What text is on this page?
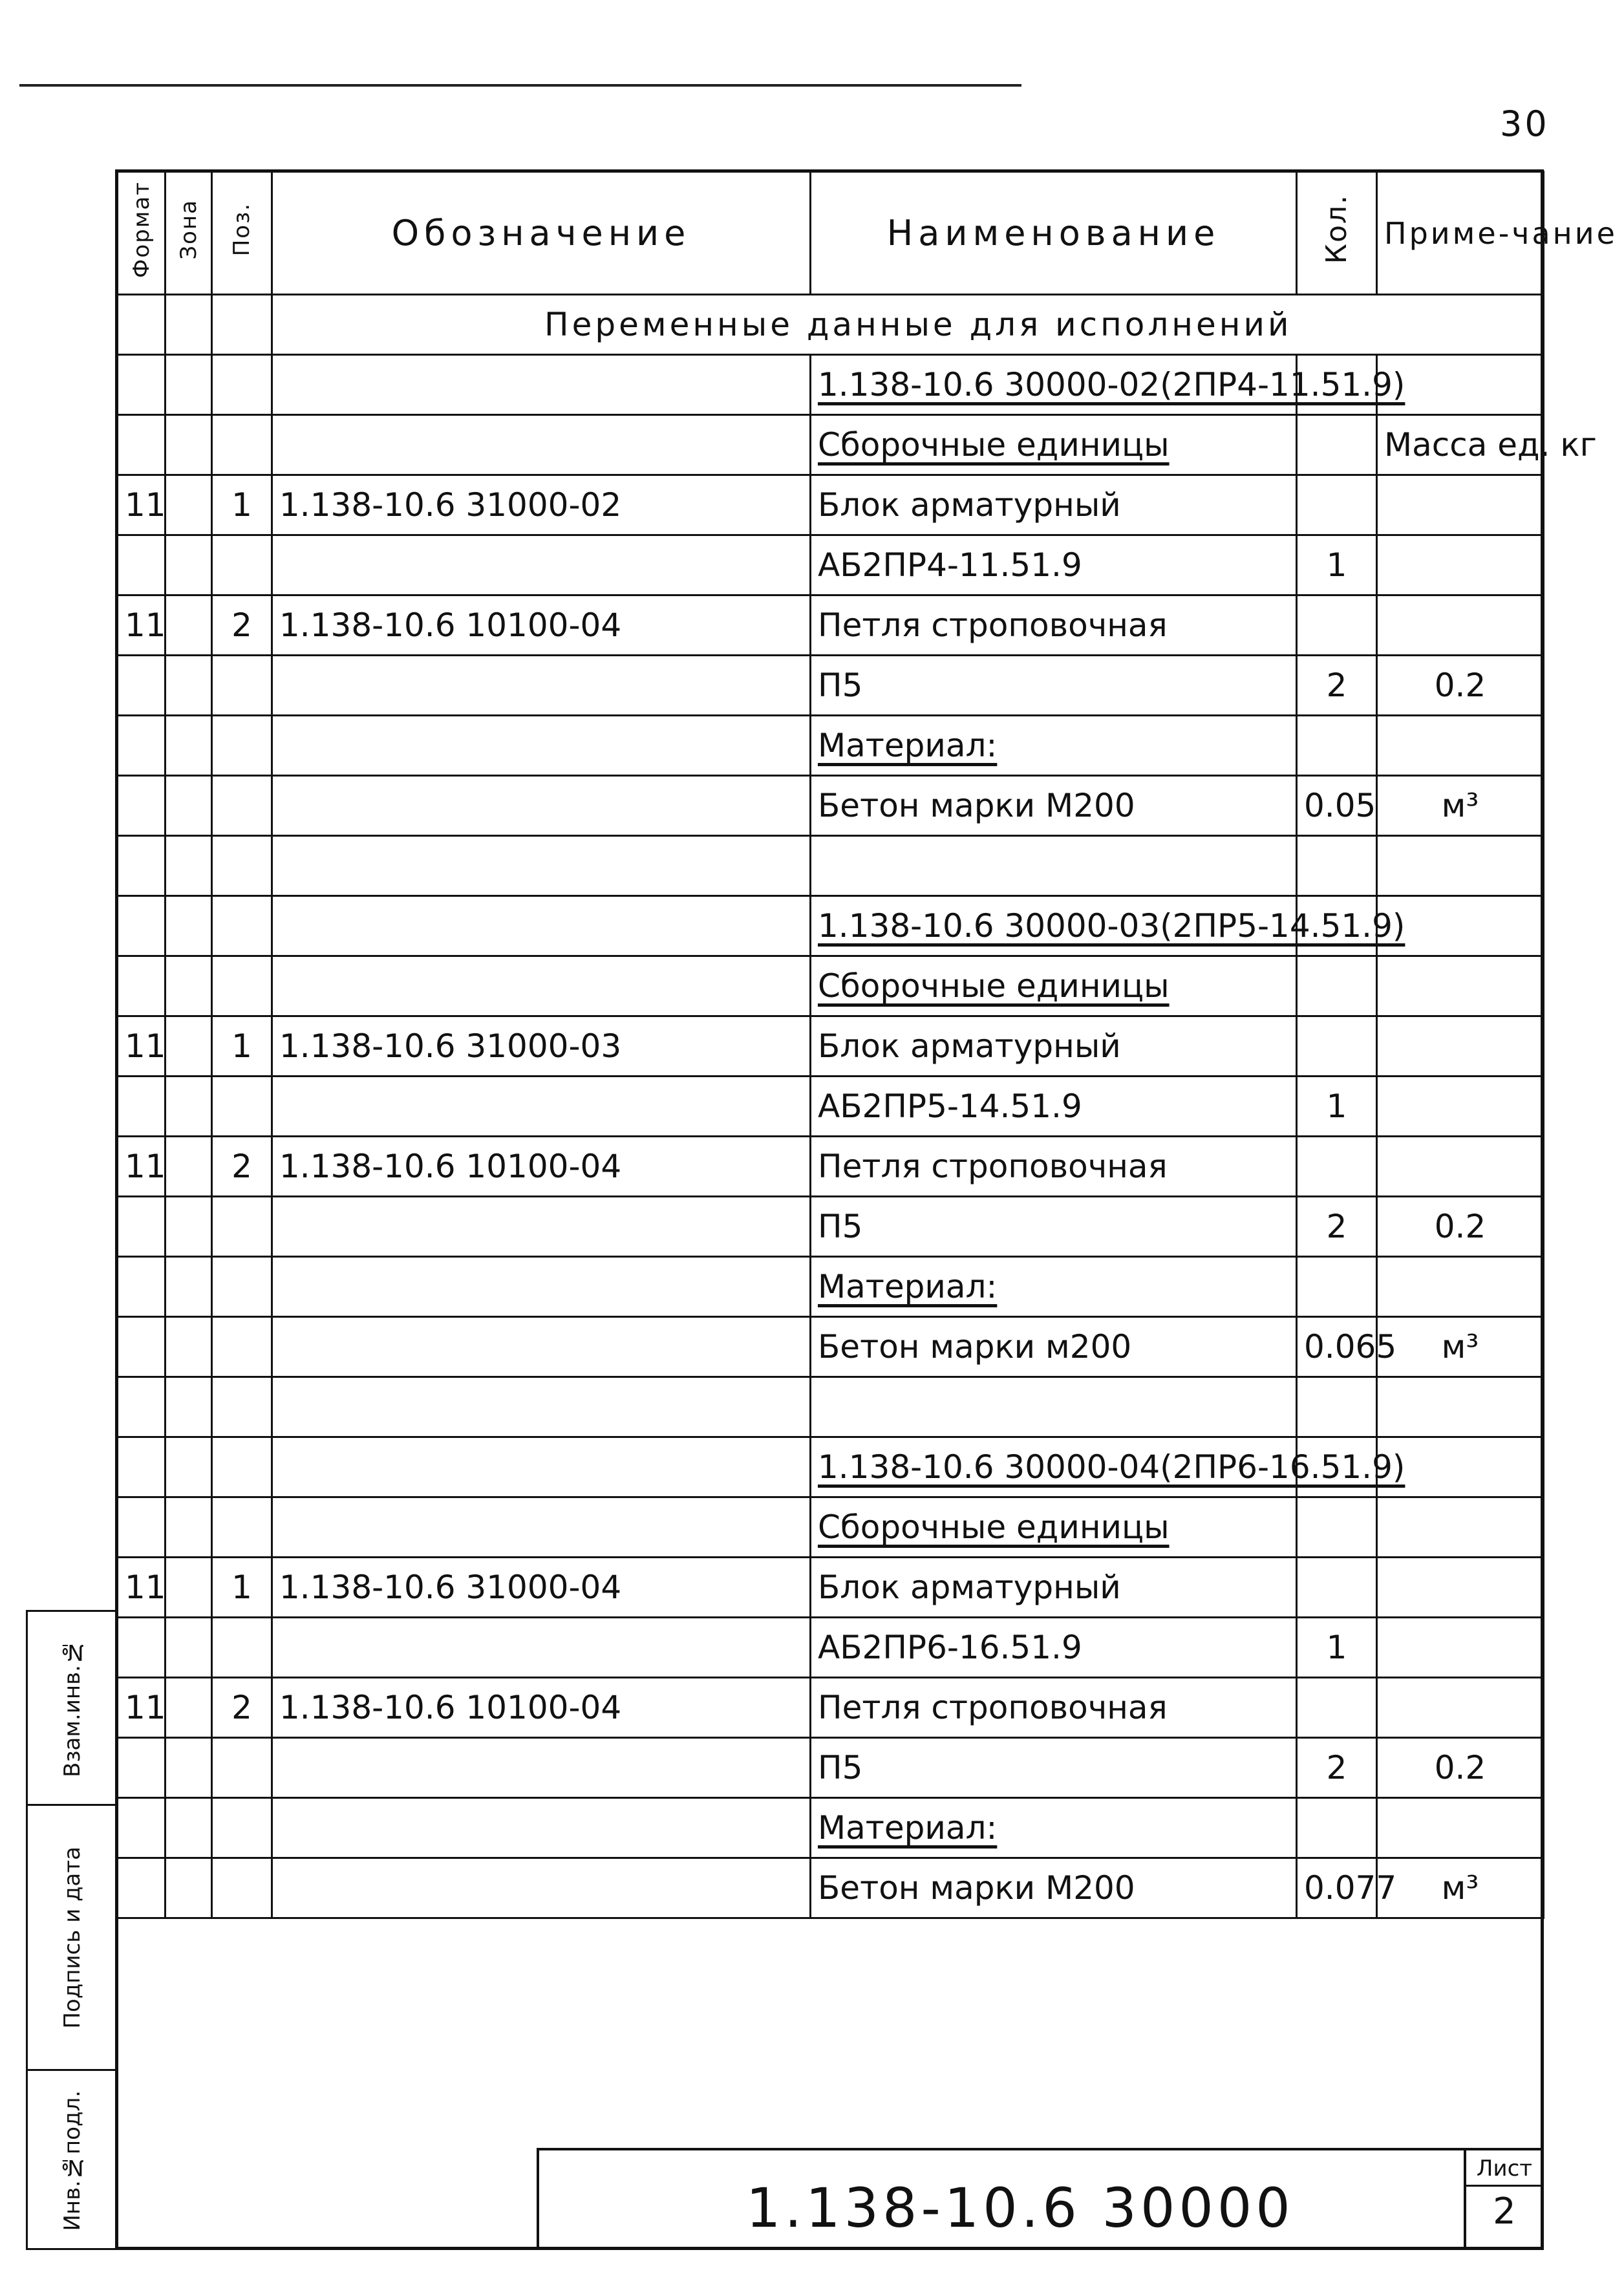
30
Формат	Зона	Поз.	Обозначение	Наименование	Кол.	Приме-чание
			Переменные данные для исполнений			
				1.138-10.6 30000-02(2ПР4-11.51.9)		
				Сборочные единицы		Масса ед. кг
11		1	1.138-10.6 31000-02	Блок арматурный		
				АБ2ПР4-11.51.9	1	
11		2	1.138-10.6 10100-04	Петля строповочная		
				П5	2	0.2
				Материал:		
				Бетон марки М200	0.05	м³

				1.138-10.6 30000-03(2ПР5-14.51.9)		
				Сборочные единицы		
11		1	1.138-10.6 31000-03	Блок арматурный		
				АБ2ПР5-14.51.9	1	
11		2	1.138-10.6 10100-04	Петля строповочная		
				П5	2	0.2
				Материал:		
				Бетон марки м200	0.065	м³

				1.138-10.6 30000-04(2ПР6-16.51.9)		
				Сборочные единицы		
11		1	1.138-10.6 31000-04	Блок арматурный		
				АБ2ПР6-16.51.9	1	
11		2	1.138-10.6 10100-04	Петля строповочная		
				П5	2	0.2
				Материал:		
				Бетон марки М200	0.077	м³
Взам.инв.№
Подпись и дата
Инв.№подл.	1.138-10.6 30000
Лист
2
